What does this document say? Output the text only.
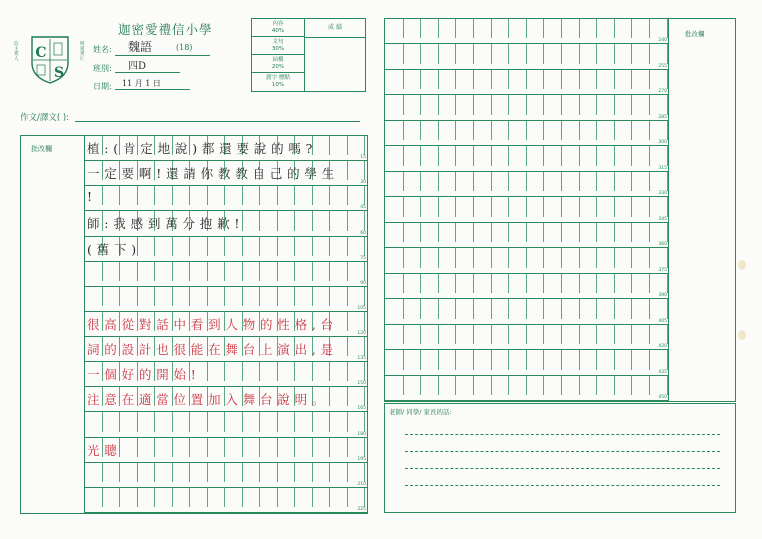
迦密愛禮信小學
C
S
信
主
愛
人
明
道
愛
仁
姓名: 魏語	(18)
班別: 四D
日期: 11 月 1 日
內容
40%
文句
30%
結構
20%
錯字 標點
10%
成 績
作文/譯文( ):
批改欄	植:(肯定地說)都還要說的嗎?
15
一定要啊!還請你教教自己的學生
30
!
45
師:我感到萬分抱歉!
60
(舊下)
75
90
105
很高從對話中看到人物的性格,台
120
詞的設計也很能在舞台上演出,是
135
一個好的開始!
150
注意在適當位置加入舞台說明。
165
180
光聰
195
210
225
批改欄
240
255
270
285
300
315
330
345
360
375
390
405
420
435
450
老師/ 同學/ 家長的話:
